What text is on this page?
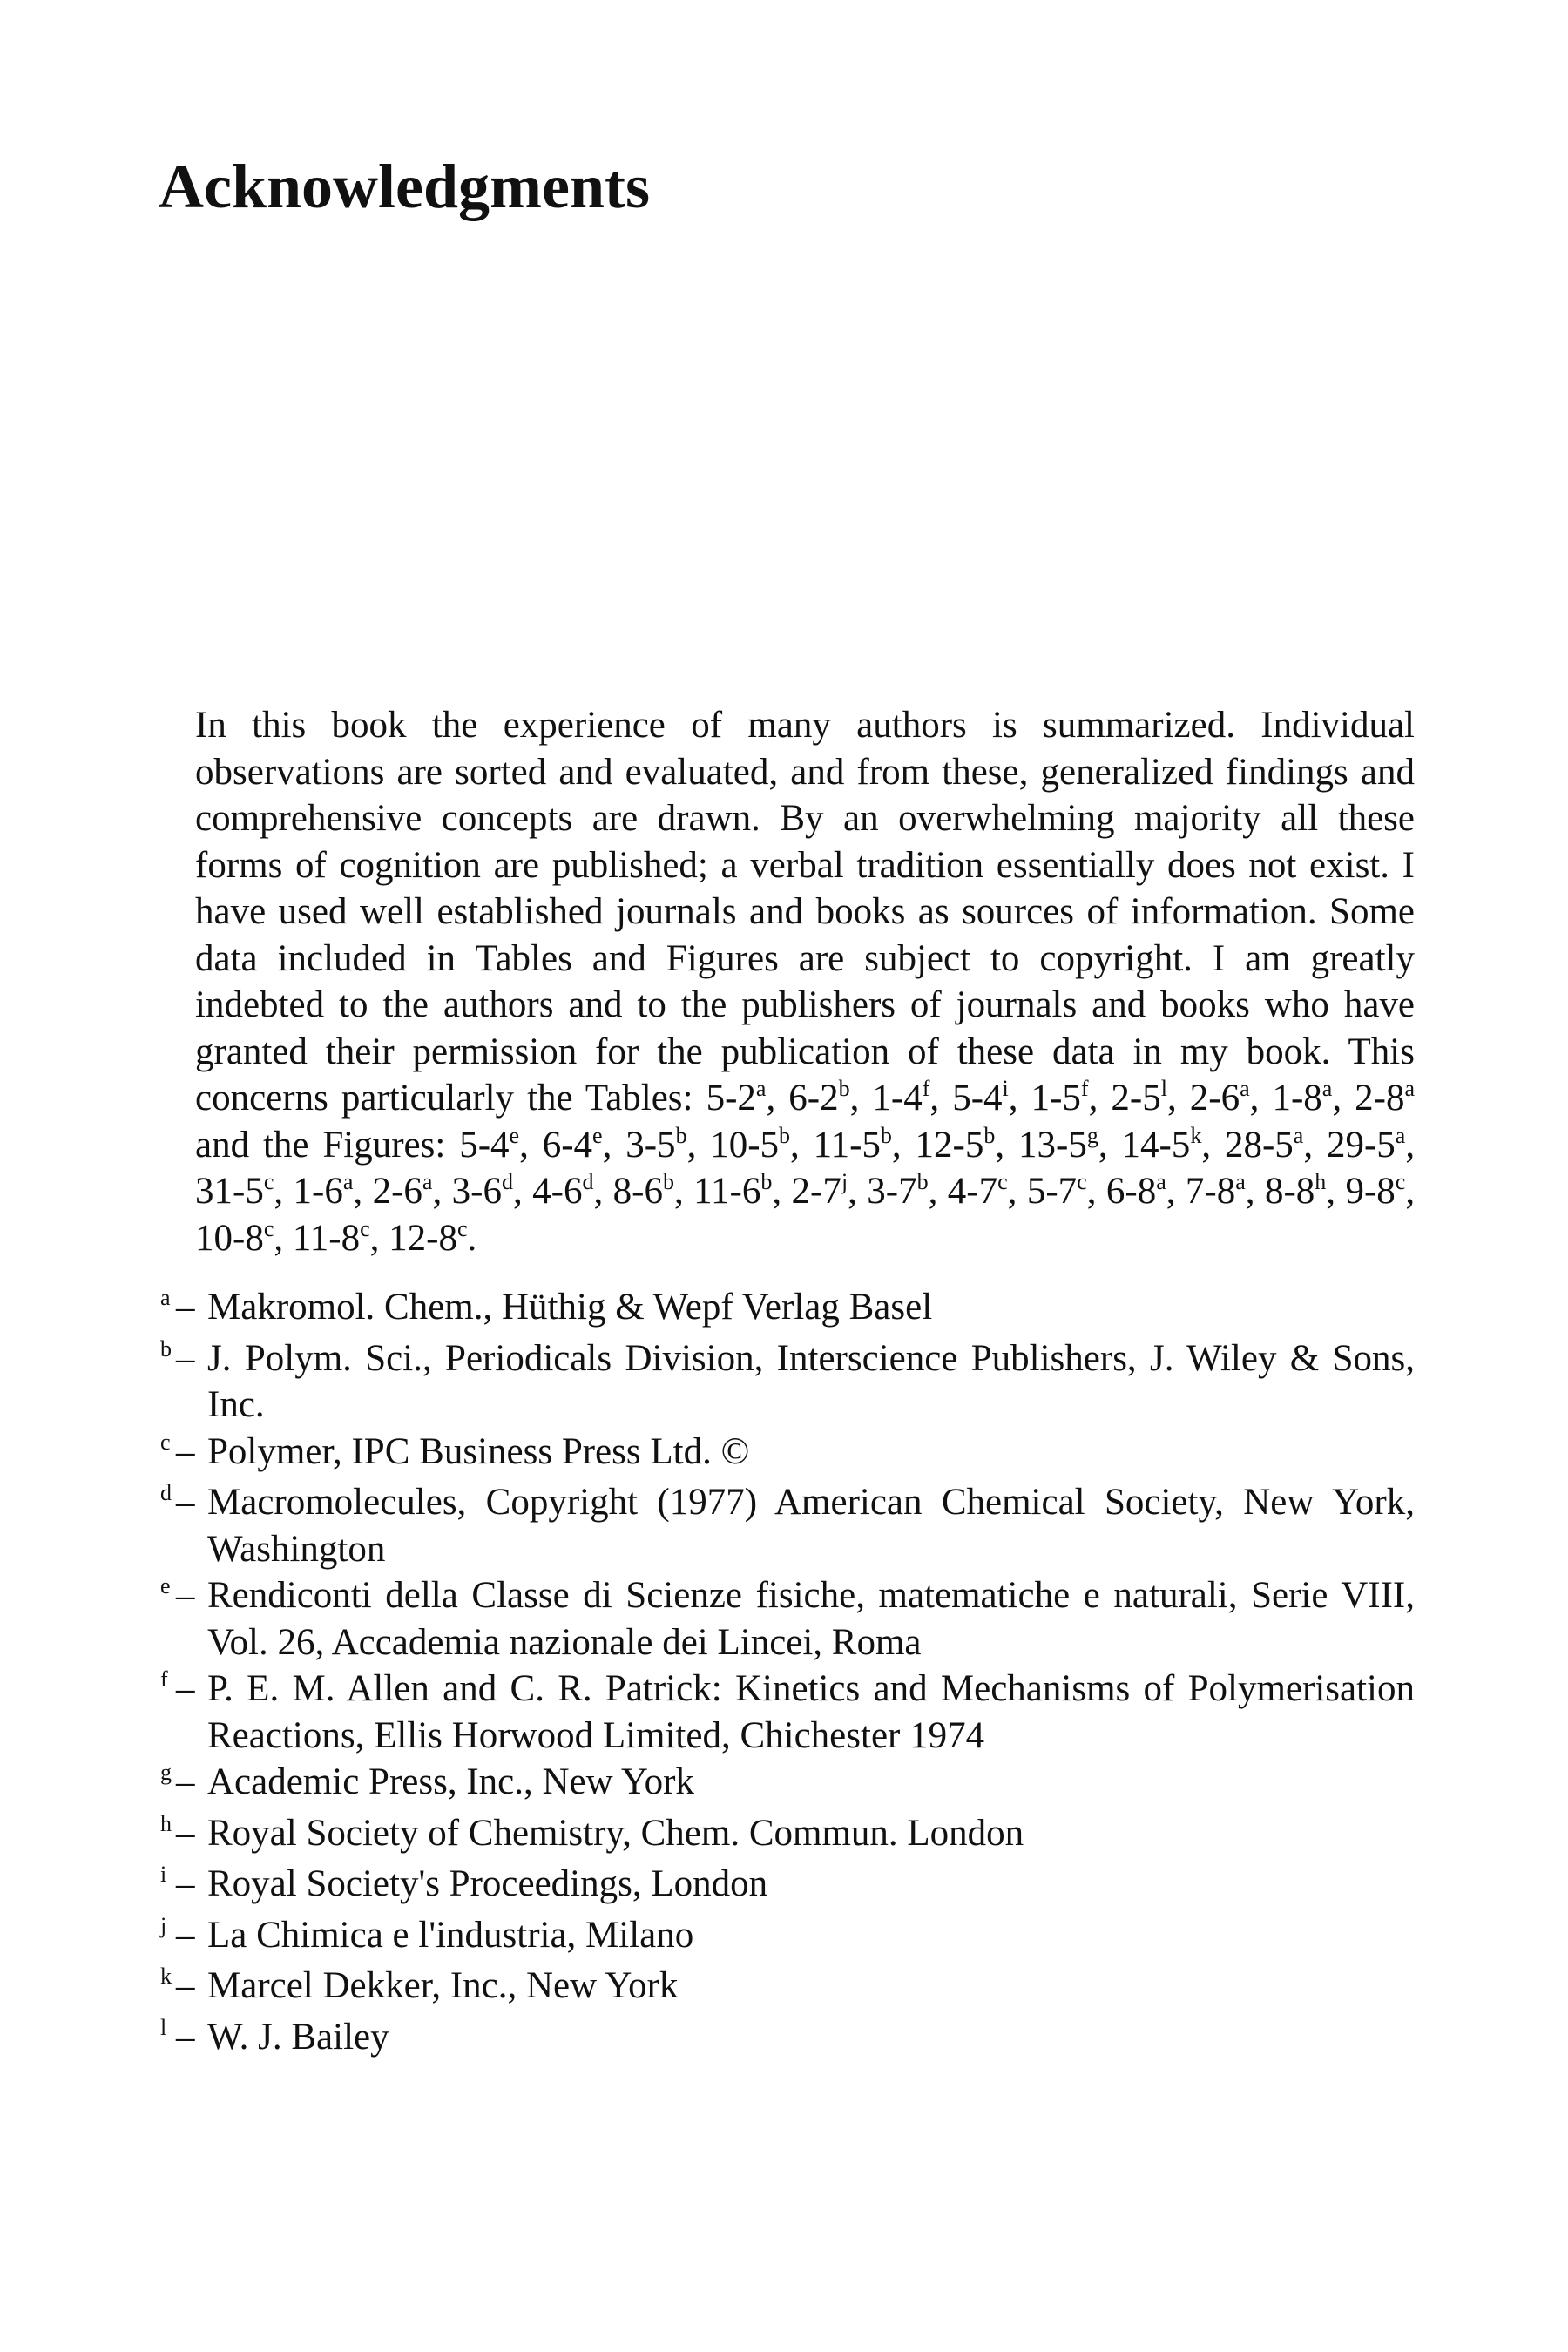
Acknowledgments

In this book the experience of many authors is summarized. Individual observations are sorted and evaluated, and from these, generalized findings and comprehensive concepts are drawn. By an overwhelming majority all these forms of cognition are published; a verbal tradition essentially does not exist. I have used well established journals and books as sources of information. Some data included in Tables and Figures are subject to copyright. I am greatly indebted to the authors and to the publishers of journals and books who have granted their permission for the publication of these data in my book. This concerns particularly the Tables: 5-2$^a$, 6-2$^b$, 1-4$^f$, 5-4$^i$, 1-5$^f$, 2-5$^l$, 2-6$^a$, 1-8$^a$, 2-8$^a$ and the Figures: 5-4e, 6-4e, 3-5$^b$, 10-5$^b$, 11-5$^b$, 12-5$^b$, 13-5$^g$, 14-5$^k$, 28-5$^a$, 29-5$^a$, 31-5$^c$, 1-6$^a$, 2-6$^a$, 3-6$^d$, 4-6$^d$, 8-6$^b$, 11-6$^b$, 2-7$^j$, 3-7$^b$, 4-7$^c$, 5-7$^c$, 6-8$^a$, 7-8$^a$, 8-8$^h$, 9-8$^c$, 10-8$^c$, 11-8$^c$, 12-8$^c$.

$^a$ – Makromol. Chem., Hüthig & Wepf Verlag Basel
$^b$ – J. Polym. Sci., Periodicals Division, Interscience Publishers, J. Wiley & Sons, Inc.
$^c$ – Polymer, IPC Business Press Ltd. ©
$^d$ – Macromolecules, Copyright (1977) American Chemical Society, New York, Washington
$^e$ – Rendiconti della Classe di Scienze fisiche, matematiche e naturali, Serie VIII, Vol. 26, Accademia nazionale dei Lincei, Roma
$^f$ – P. E. M. Allen and C. R. Patrick: Kinetics and Mechanisms of Polymerisation Reactions, Ellis Horwood Limited, Chichester 1974
$^g$ – Academic Press, Inc., New York
$^h$ – Royal Society of Chemistry, Chem. Commun. London
$^i$ – Royal Society's Proceedings, London
$^j$ – La Chimica e l'industria, Milano
$^k$ – Marcel Dekker, Inc., New York
$^l$ – W. J. Bailey
